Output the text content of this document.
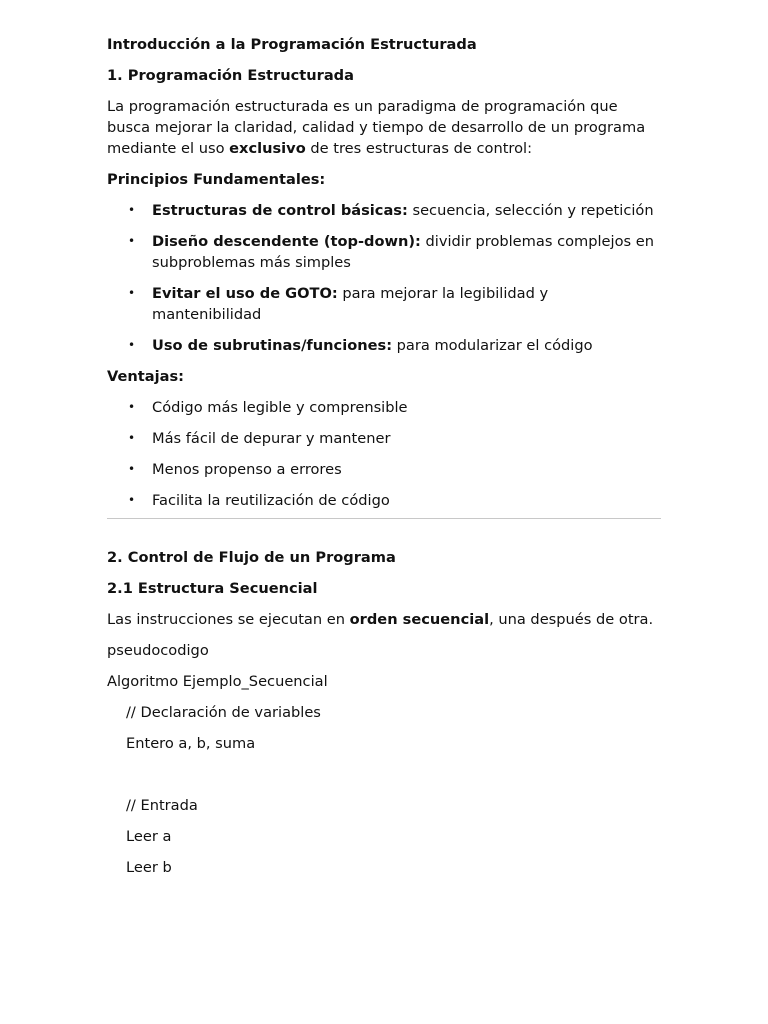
Introducción a la Programación Estructurada
1. Programación Estructurada

La programación estructurada es un paradigma de programación que busca mejorar la claridad, calidad y tiempo de desarrollo de un programa mediante el uso exclusivo de tres estructuras de control:

Principios Fundamentales:
• Estructuras de control básicas: secuencia, selección y repetición
• Diseño descendente (top-down): dividir problemas complejos en subproblemas más simples
• Evitar el uso de GOTO: para mejorar la legibilidad y mantenibilidad
• Uso de subrutinas/funciones: para modularizar el código
Ventajas:
• Código más legible y comprensible
• Más fácil de depurar y mantener
• Menos propenso a errores
• Facilita la reutilización de código
2. Control de Flujo de un Programa
2.1 Estructura Secuencial

Las instrucciones se ejecutan en orden secuencial, una después de otra.

pseudocodigo
Algoritmo Ejemplo_Secuencial
// Declaración de variables
Entero a, b, suma
// Entrada
Leer a
Leer b
